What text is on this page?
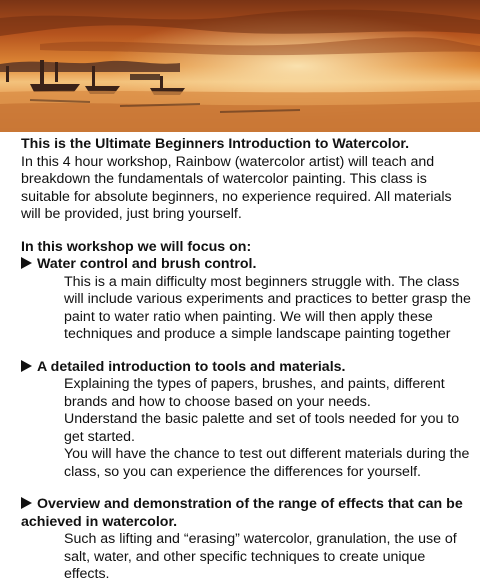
This is the Ultimate Beginners Introduction to Watercolor.

In this 4 hour workshop, Rainbow (watercolor artist) will teach and breakdown the fundamentals of watercolor painting. This class is suitable for absolute beginners, no experience required. All materials will be provided, just bring yourself.

In this workshop we will focus on:

Water control and brush control.

This is a main difficulty most beginners struggle with. The class will include various experiments and practices to better grasp the paint to water ratio when painting. We will then apply these techniques and produce a simple landscape painting together

A detailed introduction to tools and materials.

Explaining the types of papers, brushes, and paints, different brands and how to choose based on your needs.

Understand the basic palette and set of tools needed for you to get started.

You will have the chance to test out different materials during the class, so you can experience the differences for yourself.

Overview and demonstration of the range of effects that can be achieved in watercolor.

Such as lifting and “erasing” watercolor, granulation, the use of salt, water, and other specific techniques to create unique effects.
